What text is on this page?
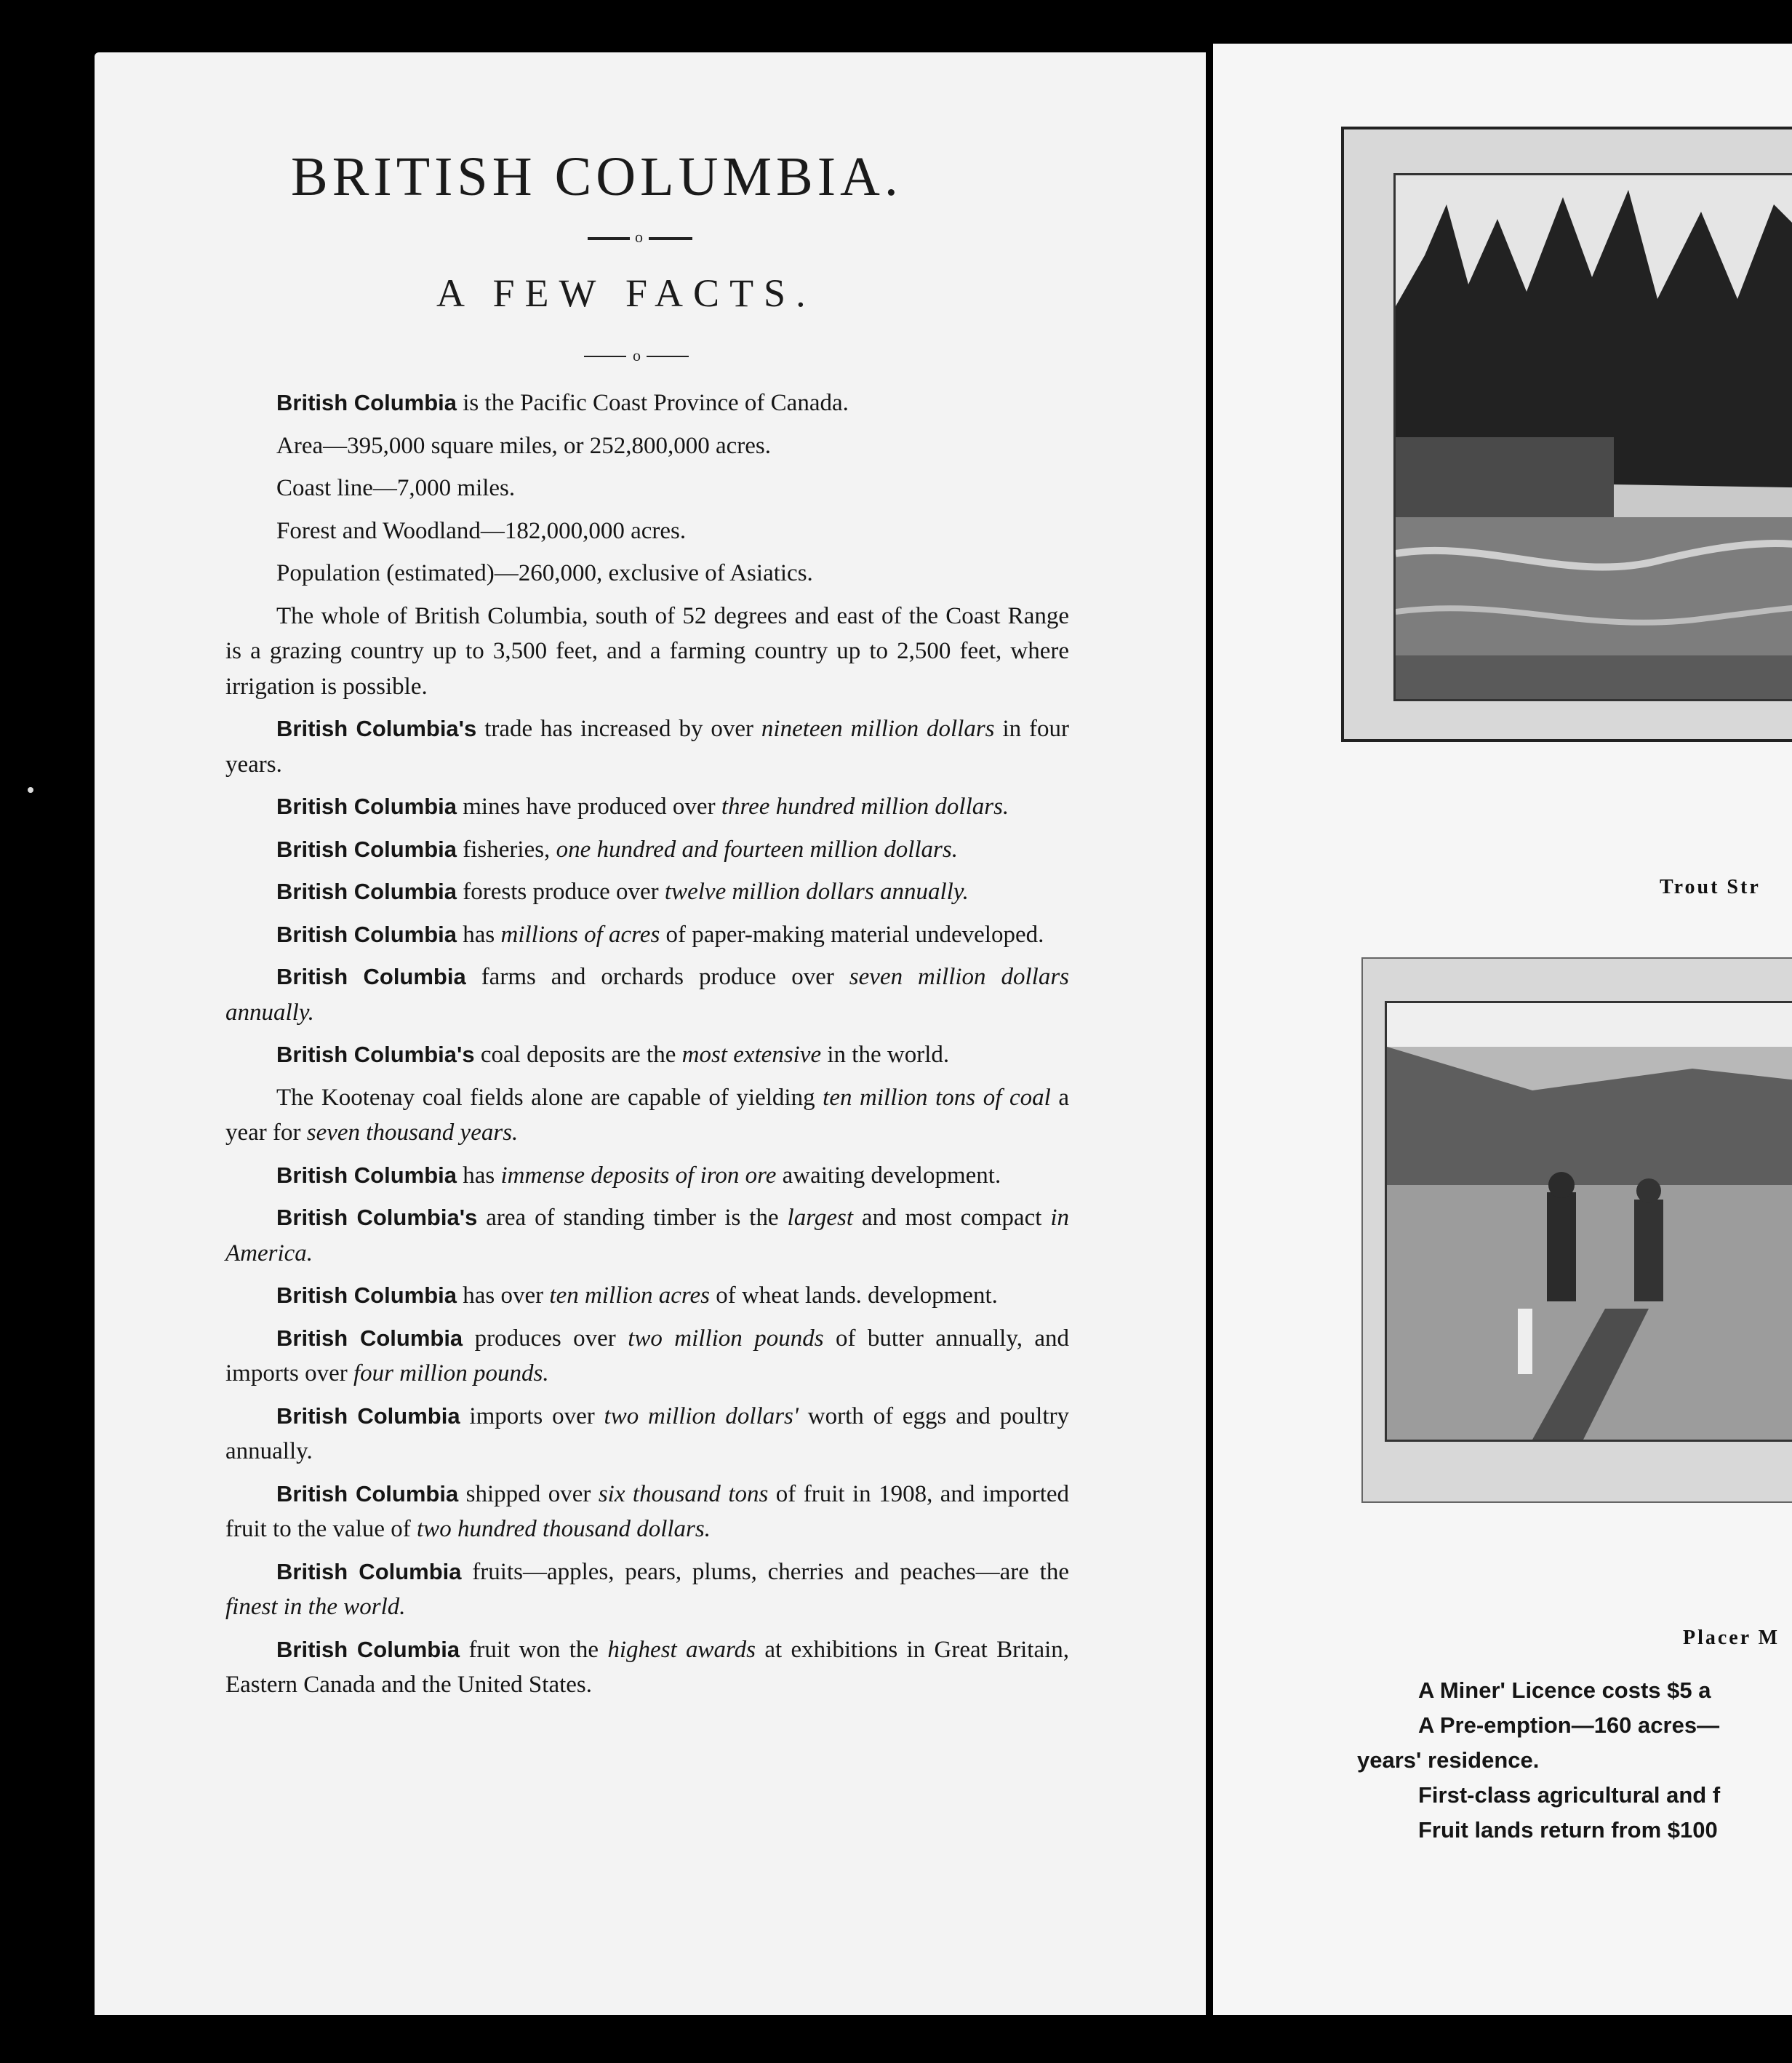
BRITISH COLUMBIA.
o
A FEW FACTS.
o

British Columbia is the Pacific Coast Province of Canada.

Area—395,000 square miles, or 252,800,000 acres.

Coast line—7,000 miles.

Forest and Woodland—182,000,000 acres.

Population (estimated)—260,000, exclusive of Asiatics.

The whole of British Columbia, south of 52 degrees and east of the Coast Range is a grazing country up to 3,500 feet, and a farming country up to 2,500 feet, where irrigation is possible.

British Columbia's trade has increased by over nineteen million dollars in four years.

British Columbia mines have produced over three hundred million dollars.

British Columbia fisheries, one hundred and fourteen million dollars.

British Columbia forests produce over twelve million dollars annually.

British Columbia has millions of acres of paper-making material undeveloped.

British Columbia farms and orchards produce over seven million dollars annually.

British Columbia's coal deposits are the most extensive in the world.

The Kootenay coal fields alone are capable of yielding ten million tons of coal a year for seven thousand years.

British Columbia has immense deposits of iron ore awaiting development.

British Columbia's area of standing timber is the largest and most compact in America.

British Columbia has over ten million acres of wheat lands. development.

British Columbia produces over two million pounds of butter annually, and imports over four million pounds.

British Columbia imports over two million dollars' worth of eggs and poultry annually.

British Columbia shipped over six thousand tons of fruit in 1908, and imported fruit to the value of two hundred thousand dollars.

British Columbia fruits—apples, pears, plums, cherries and peaches—are the finest in the world.

British Columbia fruit won the highest awards at exhibitions in Great Britain, Eastern Canada and the United States.

Trout Str
Placer M

A Miner' Licence costs $5 a

A Pre-emption—160 acres—

years' residence.

First-class agricultural and f

Fruit lands return from $100
